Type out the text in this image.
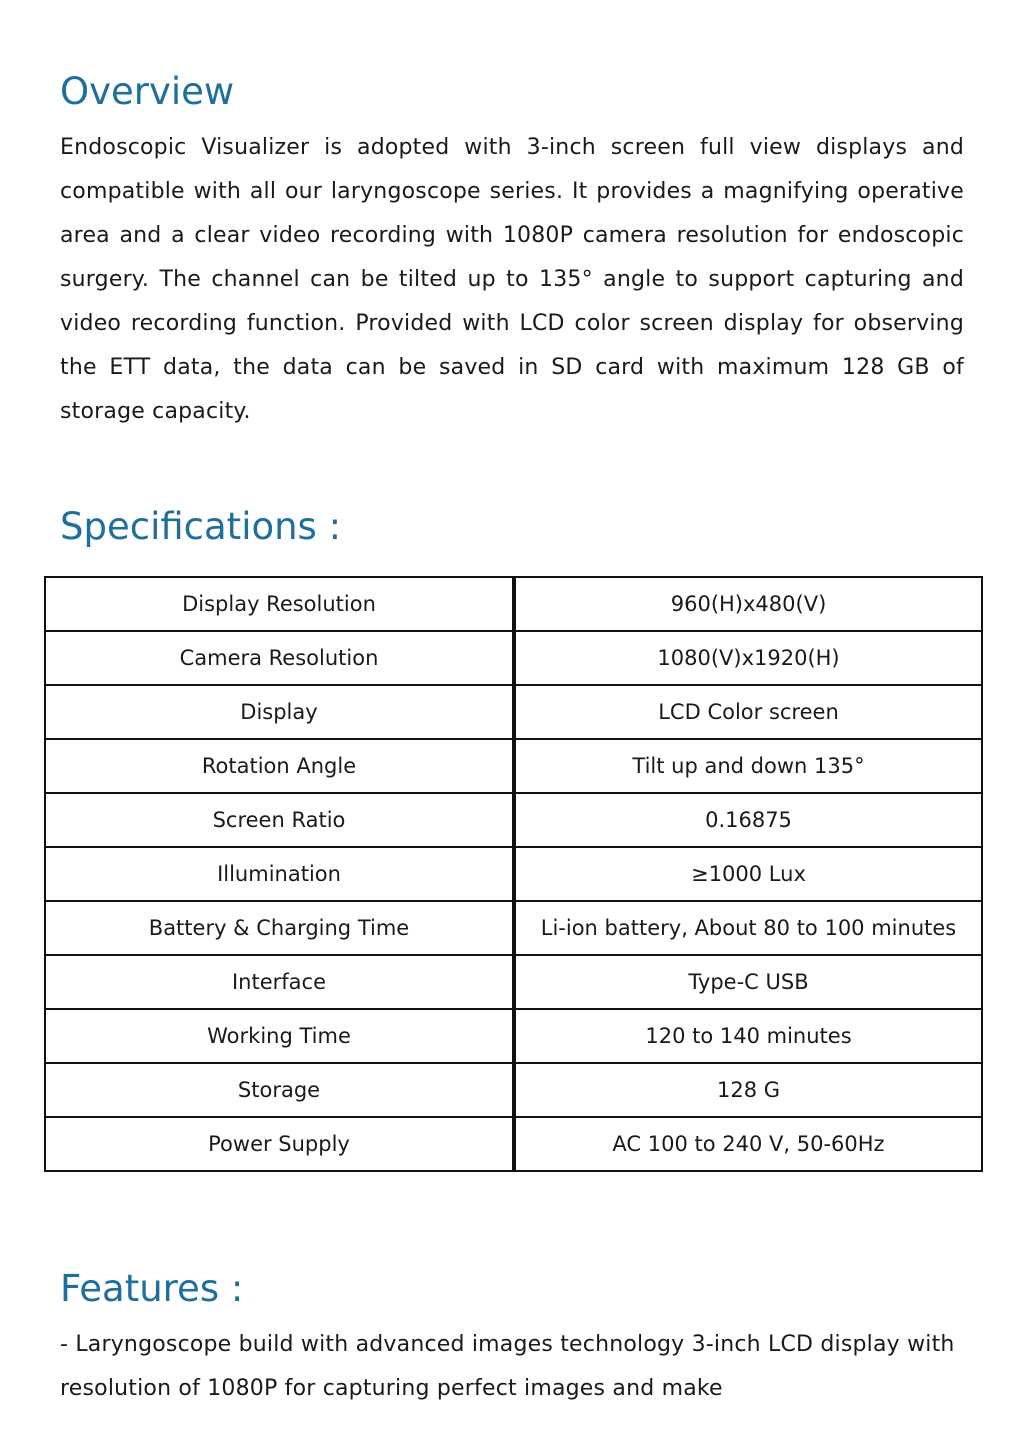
Overview

Endoscopic Visualizer is adopted with 3-inch screen full view displays and compatible with all our laryngoscope series. It provides a magnifying operative area and a clear video recording with 1080P camera resolution for endoscopic surgery. The channel can be tilted up to 135° angle to support capturing and video recording function. Provided with LCD color screen display for observing the ETT data, the data can be saved in SD card with maximum 128 GB of storage capacity.

Specifications :
Display Resolution	960(H)x480(V)
Camera Resolution	1080(V)x1920(H)
Display	LCD Color screen
Rotation Angle	Tilt up and down 135°
Screen Ratio	0.16875
Illumination	≥1000 Lux
Battery & Charging Time	Li-ion battery, About 80 to 100 minutes
Interface	Type-C USB
Working Time	120 to 140 minutes
Storage	128 G
Power Supply	AC 100 to 240 V, 50-60Hz
Features :

- Laryngoscope build with advanced images technology 3-inch LCD display with resolution of 1080P for capturing perfect images and make
